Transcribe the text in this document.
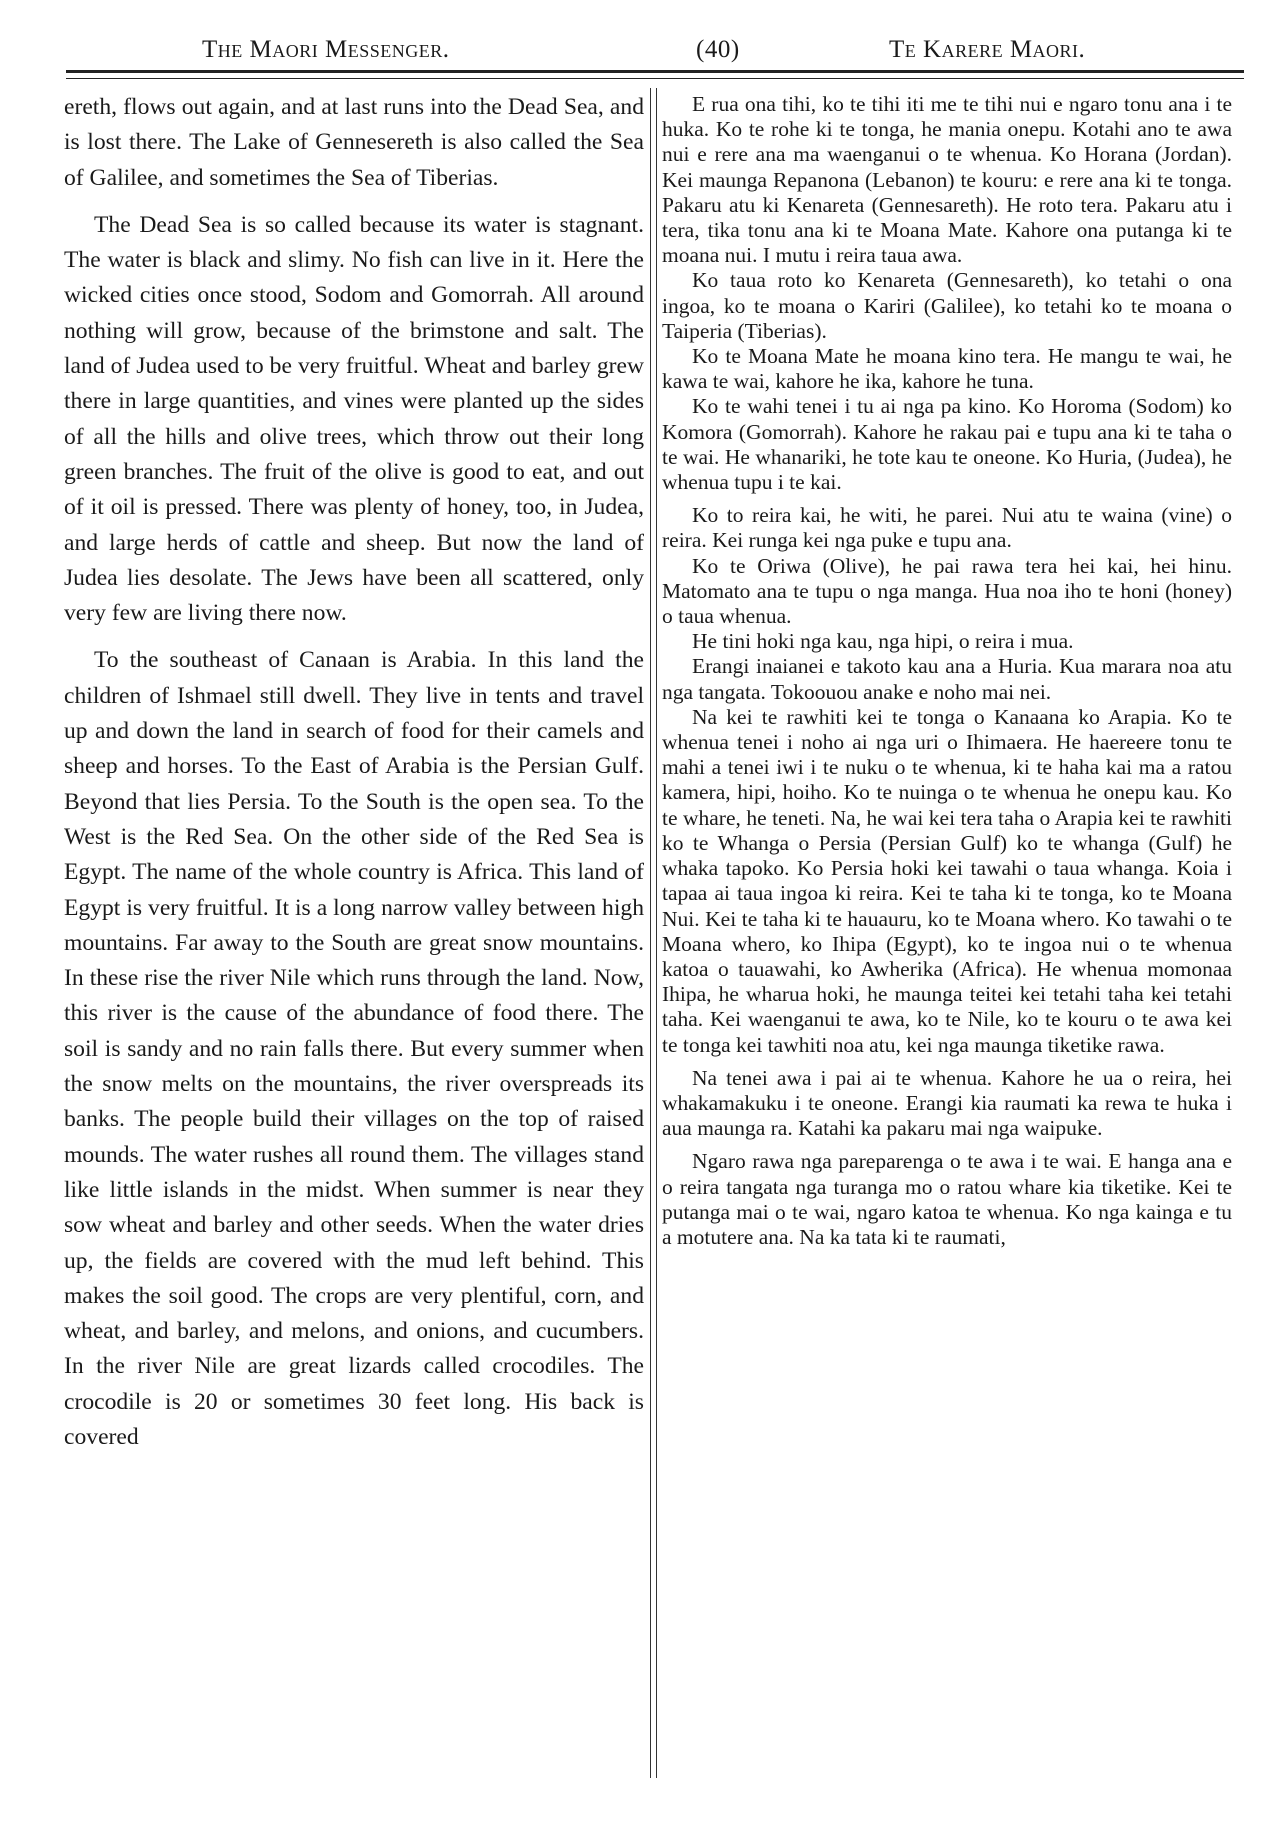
The Maori Messenger.	(40)	Te Karere Maori.

ereth, flows out again, and at last runs into the Dead Sea, and is lost there. The Lake of Gennesereth is also called the Sea of Galilee, and sometimes the Sea of Tiberias.

The Dead Sea is so called because its water is stagnant. The water is black and slimy. No fish can live in it. Here the wicked cities once stood, Sodom and Gomorrah. All around nothing will grow, because of the brimstone and salt. The land of Judea used to be very fruitful. Wheat and barley grew there in large quantities, and vines were planted up the sides of all the hills and olive trees, which throw out their long green branches. The fruit of the olive is good to eat, and out of it oil is pressed. There was plenty of honey, too, in Judea, and large herds of cattle and sheep. But now the land of Judea lies desolate. The Jews have been all scattered, only very few are living there now.

To the southeast of Canaan is Arabia. In this land the children of Ishmael still dwell. They live in tents and travel up and down the land in search of food for their camels and sheep and horses. To the East of Arabia is the Persian Gulf. Beyond that lies Persia. To the South is the open sea. To the West is the Red Sea. On the other side of the Red Sea is Egypt. The name of the whole country is Africa. This land of Egypt is very fruitful. It is a long narrow valley between high mountains. Far away to the South are great snow mountains. In these rise the river Nile which runs through the land. Now, this river is the cause of the abundance of food there. The soil is sandy and no rain falls there. But every summer when the snow melts on the mountains, the river overspreads its banks. The people build their villages on the top of raised mounds. The water rushes all round them. The villages stand like little islands in the midst. When summer is near they sow wheat and barley and other seeds. When the water dries up, the fields are covered with the mud left behind. This makes the soil good. The crops are very plentiful, corn, and wheat, and barley, and melons, and onions, and cucumbers. In the river Nile are great lizards called crocodiles. The crocodile is 20 or sometimes 30 feet long. His back is covered

E rua ona tihi, ko te tihi iti me te tihi nui e ngaro tonu ana i te huka. Ko te rohe ki te tonga, he mania onepu. Kotahi ano te awa nui e rere ana ma waenganui o te whenua. Ko Horana (Jordan). Kei maunga Repanona (Lebanon) te kouru: e rere ana ki te tonga. Pakaru atu ki Kenareta (Gennesareth). He roto tera. Pakaru atu i tera, tika tonu ana ki te Moana Mate. Kahore ona putanga ki te moana nui. I mutu i reira taua awa.

Ko taua roto ko Kenareta (Gennesareth), ko tetahi o ona ingoa, ko te moana o Kariri (Galilee), ko tetahi ko te moana o Taiperia (Tiberias).

Ko te Moana Mate he moana kino tera. He mangu te wai, he kawa te wai, kahore he ika, kahore he tuna.

Ko te wahi tenei i tu ai nga pa kino. Ko Horoma (Sodom) ko Komora (Gomorrah). Kahore he rakau pai e tupu ana ki te taha o te wai. He whanariki, he tote kau te oneone. Ko Huria, (Judea), he whenua tupu i te kai.

Ko to reira kai, he witi, he parei. Nui atu te waina (vine) o reira. Kei runga kei nga puke e tupu ana.

Ko te Oriwa (Olive), he pai rawa tera hei kai, hei hinu. Matomato ana te tupu o nga manga. Hua noa iho te honi (honey) o taua whenua.

He tini hoki nga kau, nga hipi, o reira i mua.

Erangi inaianei e takoto kau ana a Huria. Kua marara noa atu nga tangata. Tokoouou anake e noho mai nei.

Na kei te rawhiti kei te tonga o Kanaana ko Arapia. Ko te whenua tenei i noho ai nga uri o Ihimaera. He haereere tonu te mahi a tenei iwi i te nuku o te whenua, ki te haha kai ma a ratou kamera, hipi, hoiho. Ko te nuinga o te whenua he onepu kau. Ko te whare, he teneti. Na, he wai kei tera taha o Arapia kei te rawhiti ko te Whanga o Persia (Persian Gulf) ko te whanga (Gulf) he whaka tapoko. Ko Persia hoki kei tawahi o taua whanga. Koia i tapaa ai taua ingoa ki reira. Kei te taha ki te tonga, ko te Moana Nui. Kei te taha ki te hauauru, ko te Moana whero. Ko tawahi o te Moana whero, ko Ihipa (Egypt), ko te ingoa nui o te whenua katoa o tauawahi, ko Awherika (Africa). He whenua momonaa Ihipa, he wharua hoki, he maunga teitei kei tetahi taha kei tetahi taha. Kei waenganui te awa, ko te Nile, ko te kouru o te awa kei te tonga kei tawhiti noa atu, kei nga maunga tiketike rawa.

Na tenei awa i pai ai te whenua. Kahore he ua o reira, hei whakamakuku i te oneone. Erangi kia raumati ka rewa te huka i aua maunga ra. Katahi ka pakaru mai nga waipuke.

Ngaro rawa nga pareparenga o te awa i te wai. E hanga ana e o reira tangata nga turanga mo o ratou whare kia tiketike. Kei te putanga mai o te wai, ngaro katoa te whenua. Ko nga kainga e tu a motutere ana. Na ka tata ki te raumati,
